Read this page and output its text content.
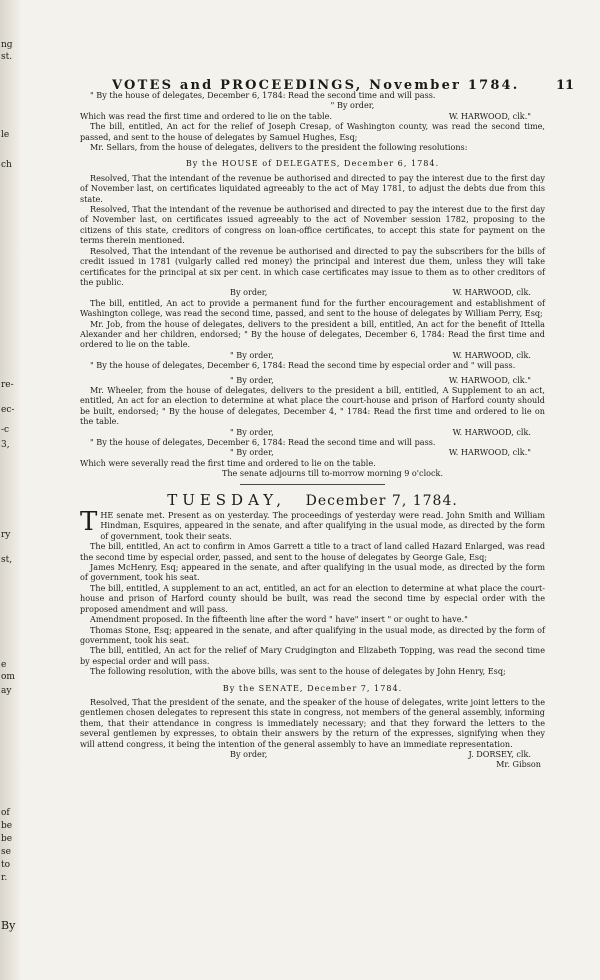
ng
st.
le
ch
re-
ec-
-c
3,
ry
st,
e
om
ay
of
be
be
se
to
r.
By
VOTES and PROCEEDINGS, November 1784.	11

" By the house of delegates, December 6, 1784: Read the second time and will pass.

" By order,
Which was read the first time and ordered to lie on the table.	W. HARWOOD, clk."

The bill, entitled, An act for the relief of Joseph Cresap, of Washington county, was read the second time, passed, and sent to the house of delegates by Samuel Hughes, Esq;

Mr. Sellars, from the house of delegates, delivers to the president the following resolutions:

By the HOUSE of DELEGATES, December 6, 1784.

Resolved, That the intendant of the revenue be authorised and directed to pay the interest due to the first day of November last, on certificates liquidated agreeably to the act of May 1781, to adjust the debts due from this state.

Resolved, That the intendant of the revenue be authorised and directed to pay the interest due to the first day of November last, on certificates issued agreeably to the act of November session 1782, proposing to the citizens of this state, creditors of congress on loan-office certificates, to accept this state for payment on the terms therein mentioned.

Resolved, That the intendant of the revenue be authorised and directed to pay the subscribers for the bills of credit issued in 1781 (vulgarly called red money) the principal and interest due them, unless they will take certificates for the principal at six per cent. in which case certificates may issue to them as to other creditors of the public.

By order,	W. HARWOOD, clk.

The bill, entitled, An act to provide a permanent fund for the further encouragement and establishment of Washington college, was read the second time, passed, and sent to the house of delegates by William Perry, Esq;

Mr. Job, from the house of delegates, delivers to the president a bill, entitled, An act for the benefit of Ittella Alexander and her children, endorsed; " By the house of delegates, December 6, 1784: Read the first time and ordered to lie on the table.

" By order,	W. HARWOOD, clk.

" By the house of delegates, December 6, 1784: Read the second time by especial order and " will pass.

" By order,	W. HARWOOD, clk."

Mr. Wheeler, from the house of delegates, delivers to the president a bill, entitled, A Supplement to an act, entitled, An act for an election to determine at what place the court-house and prison of Harford county should be built, endorsed; " By the house of delegates, December 4, " 1784: Read the first time and ordered to lie on the table.

" By order,	W. HARWOOD, clk.

" By the house of delegates, December 6, 1784: Read the second time and will pass.

" By order,	W. HARWOOD, clk."

Which were severally read the first time and ordered to lie on the table.

The senate adjourns till to-morrow morning 9 o'clock.
TUESDAY, December 7, 1784.

THE senate met. Present as on yesterday. The proceedings of yesterday were read. John Smith and William Hindman, Esquires, appeared in the senate, and after qualifying in the usual mode, as directed by the form of government, took their seats.

The bill, entitled, An act to confirm in Amos Garrett a title to a tract of land called Hazard Enlarged, was read the second time by especial order, passed, and sent to the house of delegates by George Gale, Esq;

James McHenry, Esq; appeared in the senate, and after qualifying in the usual mode, as directed by the form of government, took his seat.

The bill, entitled, A supplement to an act, entitled, an act for an election to determine at what place the court-house and prison of Harford county should be built, was read the second time by especial order with the proposed amendment and will pass.

Amendment proposed. In the fifteenth line after the word " have" insert " or ought to have."

Thomas Stone, Esq; appeared in the senate, and after qualifying in the usual mode, as directed by the form of government, took his seat.

The bill, entitled, An act for the relief of Mary Crudgington and Elizabeth Topping, was read the second time by especial order and will pass.

The following resolution, with the above bills, was sent to the house of delegates by John Henry, Esq;

By the SENATE, December 7, 1784.

Resolved, That the president of the senate, and the speaker of the house of delegates, write joint letters to the gentlemen chosen delegates to represent this state in congress, not members of the general assembly, informing them, that their attendance in congress is immediately necessary; and that they forward the letters to the several gentlemen by expresses, to obtain their answers by the return of the expresses, signifying when they will attend congress, it being the intention of the general assembly to have an immediate representation.

By order,	J. DORSEY, clk.
Mr. Gibson
